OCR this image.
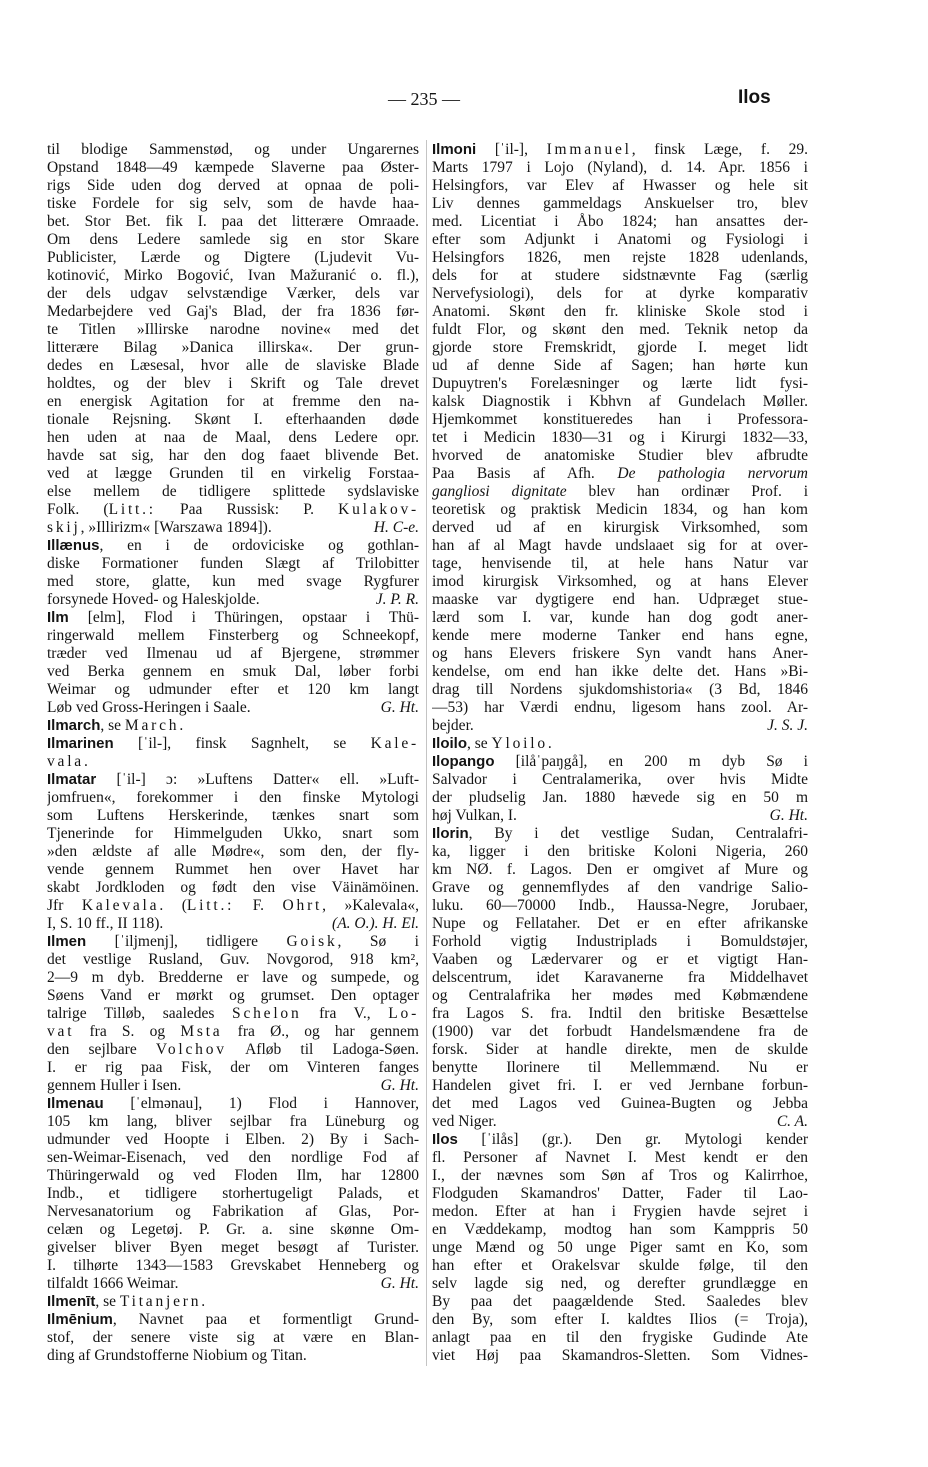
— 235 —	Ilos
til blodige Sammenstød, og under Ungarernes
Opstand 1848—49 kæmpede Slaverne paa Øster-
rigs Side uden dog derved at opnaa de poli-
tiske Fordele for sig selv, som de havde haa-
bet. Stor Bet. fik I. paa det litterære Omraade.
Om dens Ledere samlede sig en stor Skare
Publicister, Lærde og Digtere (Ljudevit Vu-
kotinović, Mirko Bogović, Ivan Mažuranić o. fl.),
der dels udgav selvstændige Værker, dels var
Medarbejdere ved Gaj's Blad, der fra 1836 før-
te Titlen »Illirske narodne novine« med det
litterære Bilag »Danica illirska«. Der grun-
dedes en Læsesal, hvor alle de slaviske Blade
holdtes, og der blev i Skrift og Tale drevet
en energisk Agitation for at fremme den na-
tionale Rejsning. Skønt I. efterhaanden døde
hen uden at naa de Maal, dens Ledere opr.
havde sat sig, har den dog faaet blivende Bet.
ved at lægge Grunden til en virkelig Forstaa-
else mellem de tidligere splittede sydslaviske
Folk. (Litt.: Paa Russisk: P. Kulakov-
H. C-e.
skij, »Illirizm« [Warszawa 1894]).
Illænus, en i de ordoviciske og gothlan-
diske Formationer funden Slægt af Trilobitter
med store, glatte, kun med svage Rygfurer
J. P. R.
forsynede Hoved- og Haleskjolde.
Ilm [elm], Flod i Thüringen, opstaar i Thü-
ringerwald mellem Finsterberg og Schneekopf,
træder ved Ilmenau ud af Bjergene, strømmer
ved Berka gennem en smuk Dal, løber forbi
Weimar og udmunder efter et 120 km langt
G. Ht.
Løb ved Gross-Heringen i Saale.
Ilmarch, se March.
Ilmarinen [ˈil-], finsk Sagnhelt, se Kale-
vala.
Ilmatar [ˈil-] ɔ: »Luftens Datter« ell. »Luft-
jomfruen«, forekommer i den finske Mytologi
som Luftens Herskerinde, tænkes snart som
Tjenerinde for Himmelguden Ukko, snart som
»den ældste af alle Mødre«, som den, der fly-
vende gennem Rummet hen over Havet har
skabt Jordkloden og født den vise Väinämöinen.
Jfr Kalevala. (Litt.: F. Ohrt, »Kalevala«,
(A. O.). H. El.
I, S. 10 ff., II 118).
Ilmen [ˈiljmenj], tidligere Goisk, Sø i
det vestlige Rusland, Guv. Novgorod, 918 km²,
2—9 m dyb. Bredderne er lave og sumpede, og
Søens Vand er mørkt og grumset. Den optager
talrige Tilløb, saaledes Schelon fra V., Lo-
vat fra S. og Msta fra Ø., og har gennem
den sejlbare Volchov Afløb til Ladoga-Søen.
I. er rig paa Fisk, der om Vinteren fanges
G. Ht.
gennem Huller i Isen.
Ilmenau [ˈelmənau], 1) Flod i Hannover,
105 km lang, bliver sejlbar fra Lüneburg og
udmunder ved Hoopte i Elben. 2) By i Sach-
sen-Weimar-Eisenach, ved den nordlige Fod af
Thüringerwald og ved Floden Ilm, har 12800
Indb., et tidligere storhertugeligt Palads, et
Nervesanatorium og Fabrikation af Glas, Por-
celæn og Legetøj. P. Gr. a. sine skønne Om-
givelser bliver Byen meget besøgt af Turister.
I. tilhørte 1343—1583 Grevskabet Henneberg og
G. Ht.
tilfaldt 1666 Weimar.
Ilmenīt, se Titanjern.
Ilmēnium, Navnet paa et formentligt Grund-
stof, der senere viste sig at være en Blan-
ding af Grundstofferne Niobium og Titan.
Ilmoni [ˈil-], Immanuel, finsk Læge, f. 29.
Marts 1797 i Lojo (Nyland), d. 14. Apr. 1856 i
Helsingfors, var Elev af Hwasser og hele sit
Liv dennes gammeldags Anskuelser tro, blev
med. Licentiat i Åbo 1824; han ansattes der-
efter som Adjunkt i Anatomi og Fysiologi i
Helsingfors 1826, men rejste 1828 udenlands,
dels for at studere sidstnævnte Fag (særlig
Nervefysiologi), dels for at dyrke komparativ
Anatomi. Skønt den fr. kliniske Skole stod i
fuldt Flor, og skønt den med. Teknik netop da
gjorde store Fremskridt, gjorde I. meget lidt
ud af denne Side af Sagen; han hørte kun
Dupuytren's Forelæsninger og lærte lidt fysi-
kalsk Diagnostik i Kbhvn af Gundelach Møller.
Hjemkommet konstitueredes han i Professora-
tet i Medicin 1830—31 og i Kirurgi 1832—33,
hvorved de anatomiske Studier blev afbrudte
Paa Basis af Afh. De pathologia nervorum
gangliosi dignitate blev han ordinær Prof. i
teoretisk og praktisk Medicin 1834, og han kom
derved ud af en kirurgisk Virksomhed, som
han af al Magt havde undslaaet sig for at over-
tage, henvisende til, at hele hans Natur var
imod kirurgisk Virksomhed, og at hans Elever
maaske var dygtigere end han. Udpræget stue-
lærd som I. var, kunde han dog godt aner-
kende mere moderne Tanker end hans egne,
og hans Elevers friskere Syn vandt hans Aner-
kendelse, om end han ikke delte det. Hans »Bi-
drag till Nordens sjukdomshistoria« (3 Bd, 1846
—53) har Værdi endnu, ligesom hans zool. Ar-
J. S. J.
bejder.
Iloilo, se Yloilo.
Ilopango [ilåˈpaŋgå], en 200 m dyb Sø i
Salvador i Centralamerika, over hvis Midte
der pludselig Jan. 1880 hævede sig en 50 m
G. Ht.
høj Vulkan, I.
Ilorin, By i det vestlige Sudan, Centralafri-
ka, ligger i den britiske Koloni Nigeria, 260
km NØ. f. Lagos. Den er omgivet af Mure og
Grave og gennemflydes af den vandrige Salio-
luku. 60—70000 Indb., Haussa-Negre, Jorubaer,
Nupe og Fellataher. Det er en efter afrikanske
Forhold vigtig Industriplads i Bomuldstøjer,
Vaaben og Lædervarer og er et vigtigt Han-
delscentrum, idet Karavanerne fra Middelhavet
og Centralafrika her mødes med Købmændene
fra Lagos S. fra. Indtil den britiske Besættelse
(1900) var det forbudt Handelsmændene fra de
forsk. Sider at handle direkte, men de skulde
benytte Ilorinere til Mellemmænd. Nu er
Handelen givet fri. I. er ved Jernbane forbun-
det med Lagos ved Guinea-Bugten og Jebba
C. A.
ved Niger.
Ilos [ˈilås] (gr.). Den gr. Mytologi kender
fl. Personer af Navnet I. Mest kendt er den
I., der nævnes som Søn af Tros og Kalirrhoe,
Flodguden Skamandros' Datter, Fader til Lao-
medon. Efter at han i Frygien havde sejret i
en Væddekamp, modtog han som Kamppris 50
unge Mænd og 50 unge Piger samt en Ko, som
han efter et Orakelsvar skulde følge, til den
selv lagde sig ned, og derefter grundlægge en
By paa det paagældende Sted. Saaledes blev
den By, som efter I. kaldtes Ilios (= Troja),
anlagt paa en til den frygiske Gudinde Ate
viet Høj paa Skamandros-Sletten. Som Vidnes-
